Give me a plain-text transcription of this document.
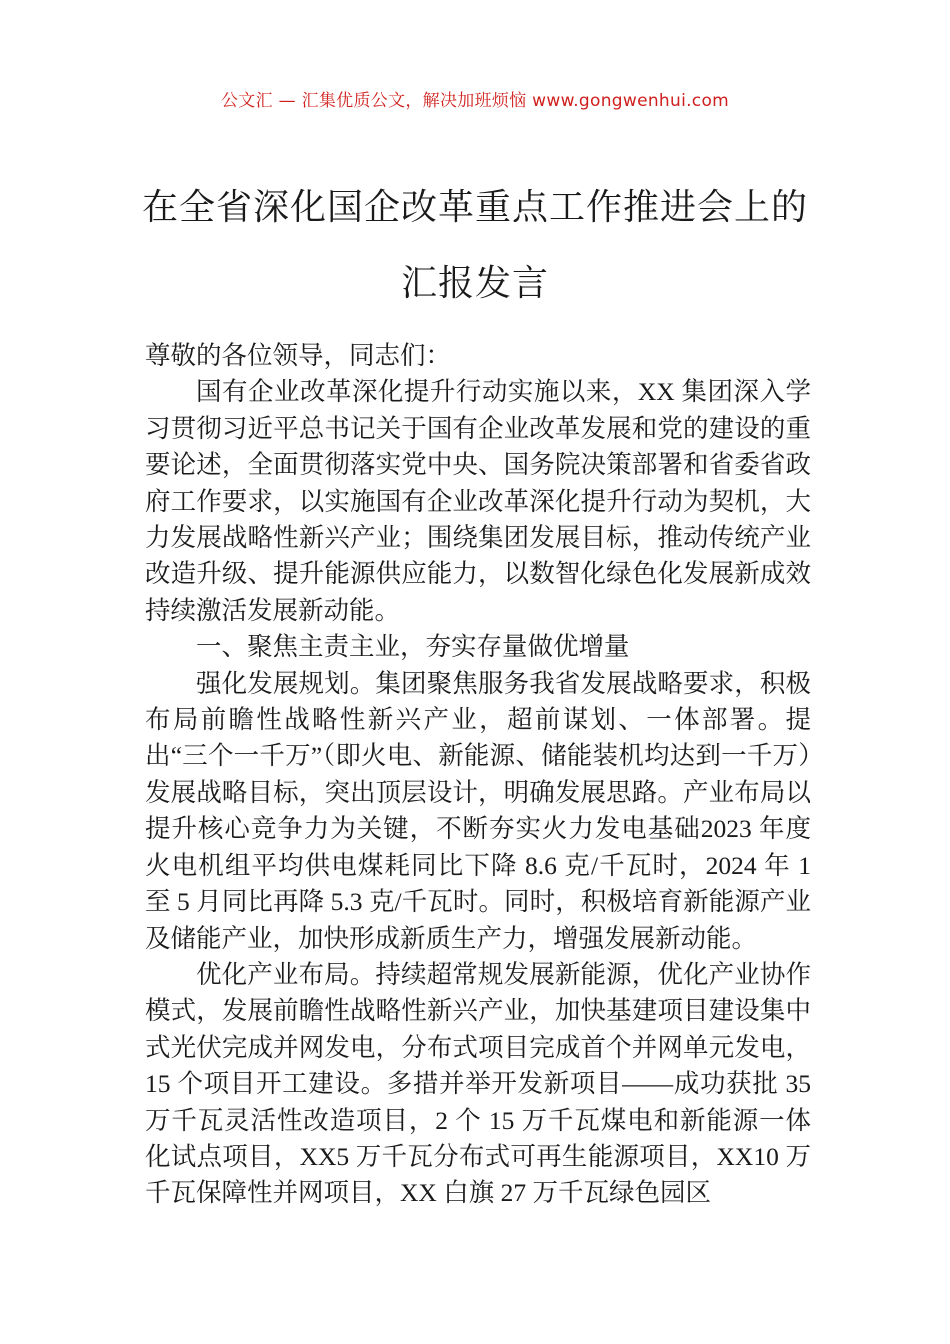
公文汇 — 汇集优质公文，解决加班烦恼 www.gongwenhui.com
在全省深化国企改革重点工作推进会上的
汇报发言

尊敬的各位领导，同志们：

国有企业改革深化提升行动实施以来，XX 集团深入学习贯彻习近平总书记关于国有企业改革发展和党的建设的重要论述，全面贯彻落实党中央、国务院决策部署和省委省政府工作要求，以实施国有企业改革深化提升行动为契机，大力发展战略性新兴产业；围绕集团发展目标，推动传统产业改造升级、提升能源供应能力，以数智化绿色化发展新成效持续激活发展新动能。

一、聚焦主责主业，夯实存量做优增量

强化发展规划。集团聚焦服务我省发展战略要求，积极布局前瞻性战略性新兴产业，超前谋划、一体部署。提出“三个一千万”（即火电、新能源、储能装机均达到一千万）发展战略目标，突出顶层设计，明确发展思路。产业布局以提升核心竞争力为关键，不断夯实火力发电基础2023 年度火电机组平均供电煤耗同比下降 8.6 克/千瓦时，2024 年 1 至 5 月同比再降 5.3 克/千瓦时。同时，积极培育新能源产业及储能产业，加快形成新质生产力，增强发展新动能。

优化产业布局。持续超常规发展新能源，优化产业协作模式，发展前瞻性战略性新兴产业，加快基建项目建设集中式光伏完成并网发电，分布式项目完成首个并网单元发电，15 个项目开工建设。多措并举开发新项目——成功获批 35 万千瓦灵活性改造项目，2 个 15 万千瓦煤电和新能源一体化试点项目，XX5 万千瓦分布式可再生能源项目，XX10 万千瓦保障性并网项目，XX 白旗 27 万千瓦绿色园区
